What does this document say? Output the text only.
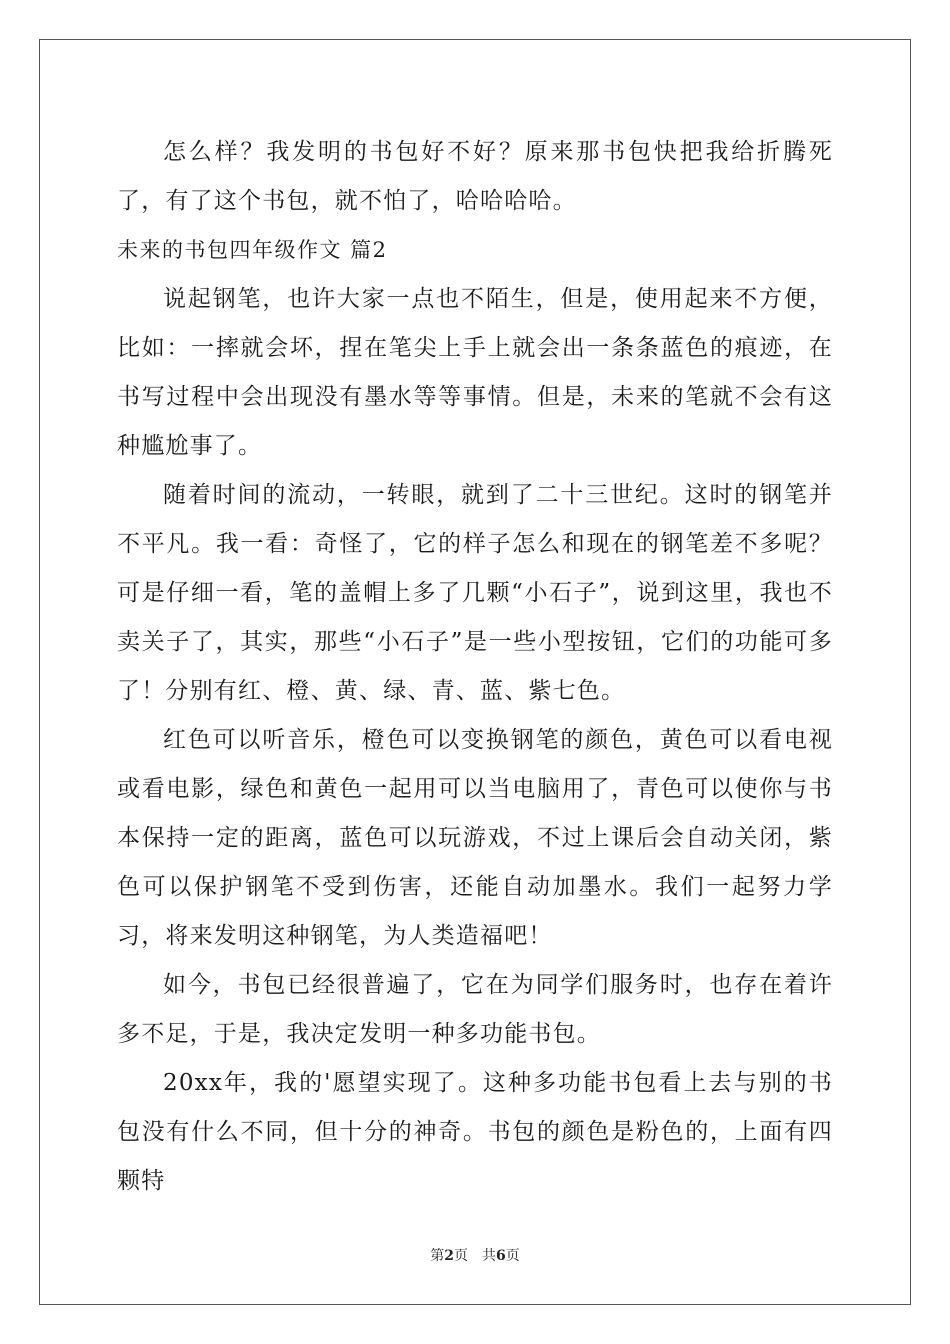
怎么样？我发明的书包好不好？原来那书包快把我给折腾死了，有了这个书包，就不怕了，哈哈哈哈。

未来的书包四年级作文 篇2

说起钢笔，也许大家一点也不陌生，但是，使用起来不方便，比如：一摔就会坏，捏在笔尖上手上就会出一条条蓝色的痕迹，在书写过程中会出现没有墨水等等事情。但是，未来的笔就不会有这种尴尬事了。

随着时间的流动，一转眼，就到了二十三世纪。这时的钢笔并不平凡。我一看：奇怪了，它的样子怎么和现在的钢笔差不多呢？可是仔细一看，笔的盖帽上多了几颗“小石子”，说到这里，我也不卖关子了，其实，那些“小石子”是一些小型按钮，它们的功能可多了！分别有红、橙、黄、绿、青、蓝、紫七色。

红色可以听音乐，橙色可以变换钢笔的颜色，黄色可以看电视或看电影，绿色和黄色一起用可以当电脑用了，青色可以使你与书本保持一定的距离，蓝色可以玩游戏，不过上课后会自动关闭，紫色可以保护钢笔不受到伤害，还能自动加墨水。我们一起努力学习，将来发明这种钢笔，为人类造福吧！

如今，书包已经很普遍了，它在为同学们服务时，也存在着许多不足，于是，我决定发明一种多功能书包。

20xx年，我的'愿望实现了。这种多功能书包看上去与别的书包没有什么不同，但十分的神奇。书包的颜色是粉色的，上面有四颗特

第2页 共6页
